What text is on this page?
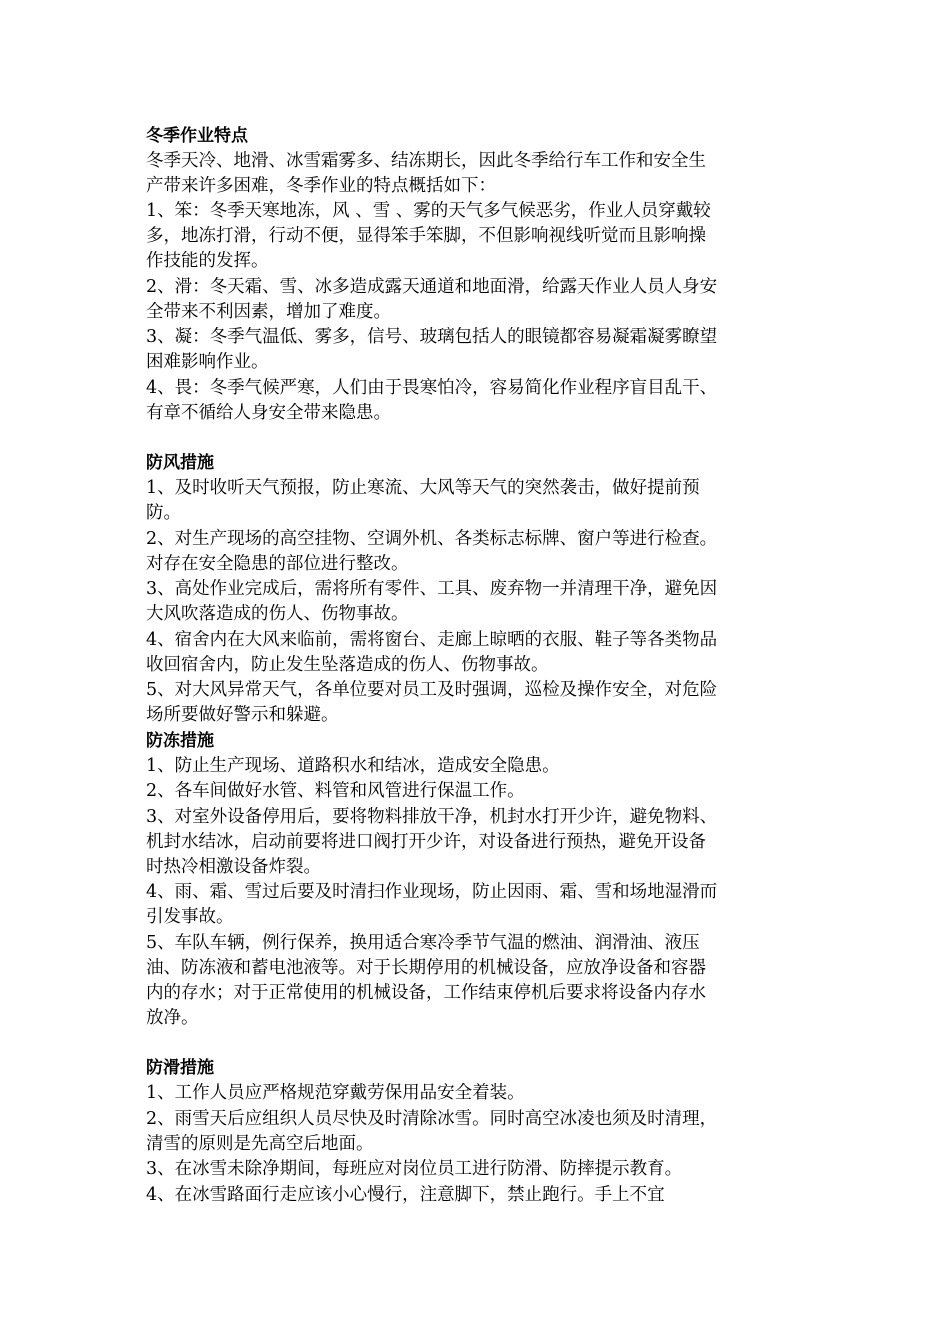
冬季作业特点

冬季天冷、地滑、冰雪霜雾多、结冻期长，因此冬季给行车工作和安全生产带来许多困难，冬季作业的特点概括如下：

1、笨：冬季天寒地冻，风 、雪 、雾的天气多气候恶劣，作业人员穿戴较多，地冻打滑，行动不便，显得笨手笨脚，不但影响视线听觉而且影响操作技能的发挥。

2、滑：冬天霜、雪、冰多造成露天通道和地面滑，给露天作业人员人身安全带来不利因素，增加了难度。

3、凝：冬季气温低、雾多，信号、玻璃包括人的眼镜都容易凝霜凝雾瞭望困难影响作业。

4、畏：冬季气候严寒，人们由于畏寒怕冷，容易简化作业程序盲目乱干、有章不循给人身安全带来隐患。

防风措施

1、及时收听天气预报，防止寒流、大风等天气的突然袭击，做好提前预防。

2、对生产现场的高空挂物、空调外机、各类标志标牌、窗户等进行检查。对存在安全隐患的部位进行整改。

3、高处作业完成后，需将所有零件、工具、废弃物一并清理干净，避免因大风吹落造成的伤人、伤物事故。

4、宿舍内在大风来临前，需将窗台、走廊上晾晒的衣服、鞋子等各类物品收回宿舍内，防止发生坠落造成的伤人、伤物事故。

5、对大风异常天气，各单位要对员工及时强调，巡检及操作安全，对危险场所要做好警示和躲避。

防冻措施

1、防止生产现场、道路积水和结冰，造成安全隐患。

2、各车间做好水管、料管和风管进行保温工作。

3、对室外设备停用后，要将物料排放干净，机封水打开少许，避免物料、机封水结冰，启动前要将进口阀打开少许，对设备进行预热，避免开设备时热冷相激设备炸裂。

4、雨、霜、雪过后要及时清扫作业现场，防止因雨、霜、雪和场地湿滑而引发事故。

5、车队车辆，例行保养，换用适合寒冷季节气温的燃油、润滑油、液压油、防冻液和蓄电池液等。对于长期停用的机械设备，应放净设备和容器内的存水；对于正常使用的机械设备，工作结束停机后要求将设备内存水放净。

防滑措施

1、工作人员应严格规范穿戴劳保用品安全着装。

2、雨雪天后应组织人员尽快及时清除冰雪。同时高空冰凌也须及时清理，清雪的原则是先高空后地面。

3、在冰雪未除净期间，每班应对岗位员工进行防滑、防摔提示教育。

4、在冰雪路面行走应该小心慢行，注意脚下，禁止跑行。手上不宜
